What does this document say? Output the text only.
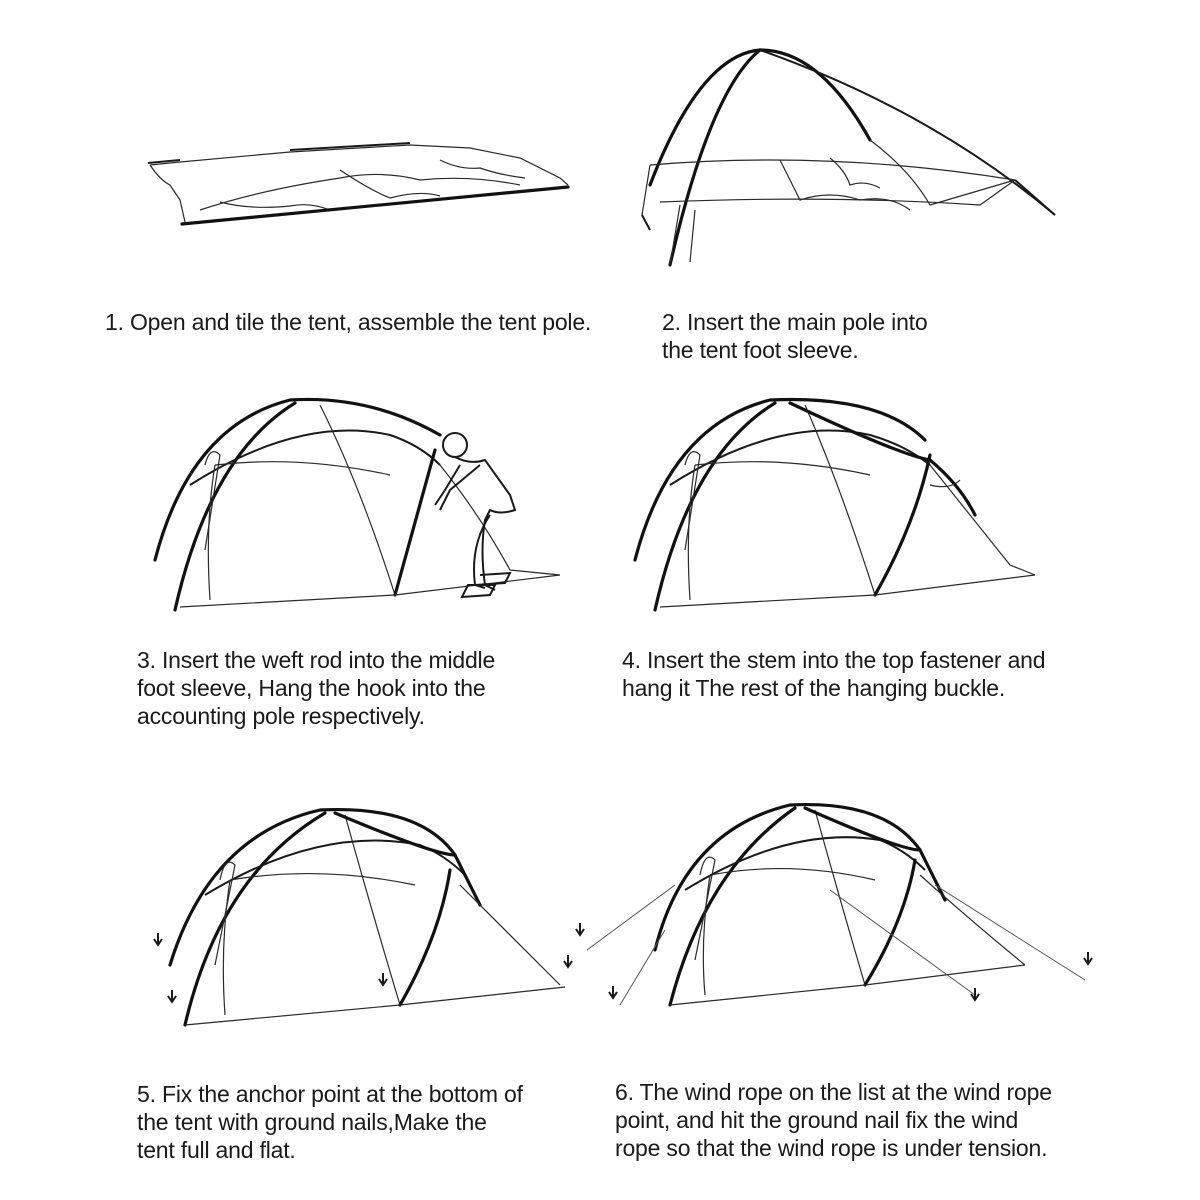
1. Open and tile the tent, assemble the tent pole.	2. Insert the main pole into
the tent foot sleeve.
3. Insert the weft rod into the middle
foot sleeve, Hang the hook into the
accounting pole respectively.
4. Insert the stem into the top fastener and
hang it The rest of the hanging buckle.
5. Fix the anchor point at the bottom of
the tent with ground nails,Make the
tent full and flat.
6. The wind rope on the list at the wind rope
point, and hit the ground nail fix the wind
rope so that the wind rope is under tension.
